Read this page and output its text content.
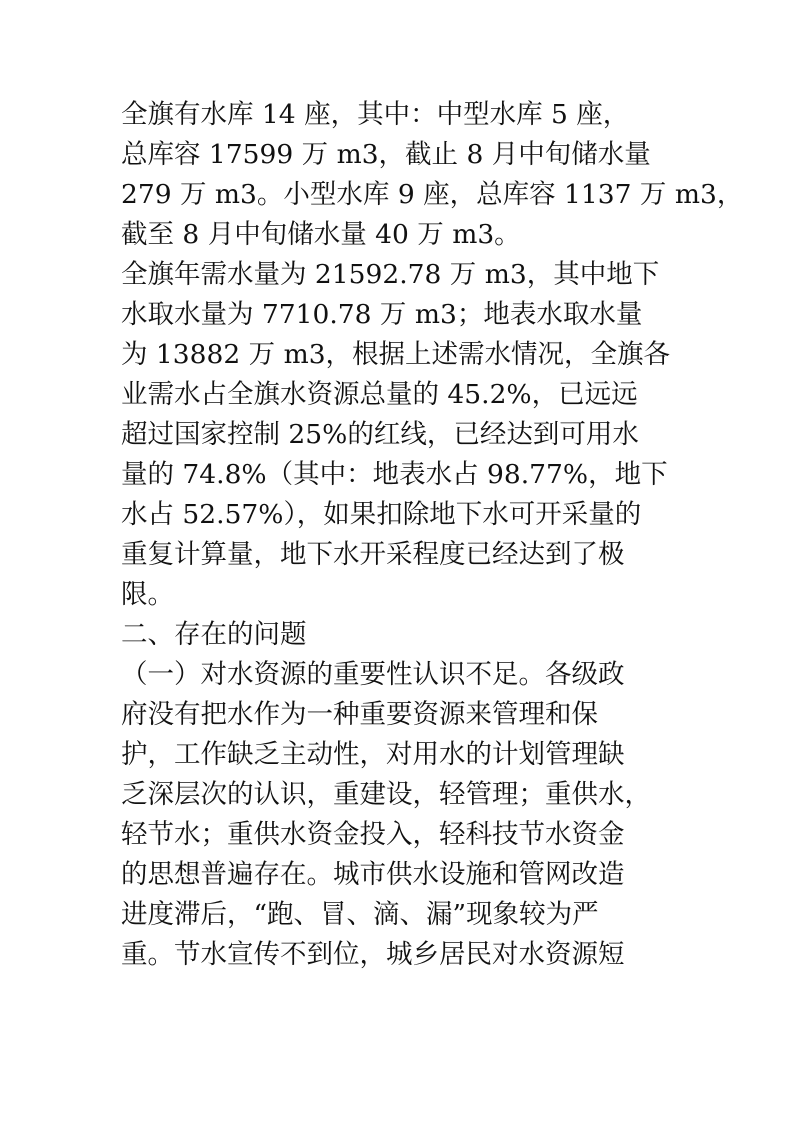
全旗有水库 14 座，其中：中型水库 5 座，
总库容 17599 万 m3，截止 8 月中旬储水量
279 万 m3。小型水库 9 座，总库容 1137 万 m3，
截至 8 月中旬储水量 40 万 m3。
全旗年需水量为 21592.78 万 m3，其中地下
水取水量为 7710.78 万 m3；地表水取水量
为 13882 万 m3，根据上述需水情况，全旗各
业需水占全旗水资源总量的 45.2%，已远远
超过国家控制 25%的红线，已经达到可用水
量的 74.8%（其中：地表水占 98.77%，地下
水占 52.57%），如果扣除地下水可开采量的
重复计算量，地下水开采程度已经达到了极
限。
二、存在的问题
（一）对水资源的重要性认识不足。各级政
府没有把水作为一种重要资源来管理和保
护，工作缺乏主动性，对用水的计划管理缺
乏深层次的认识，重建设，轻管理；重供水，
轻节水；重供水资金投入，轻科技节水资金
的思想普遍存在。城市供水设施和管网改造
进度滞后，“跑、冒、滴、漏”现象较为严
重。节水宣传不到位，城乡居民对水资源短
